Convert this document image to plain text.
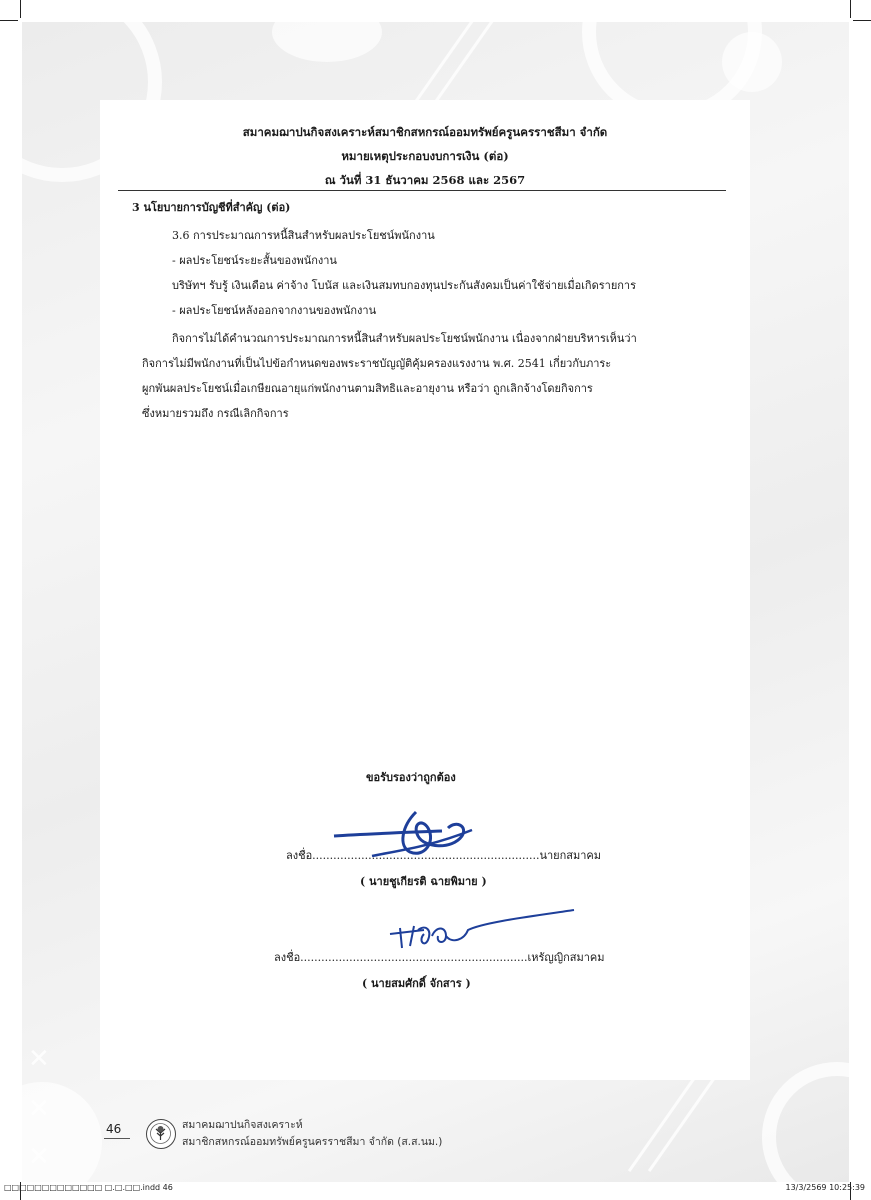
✕
✕
✕
สมาคมฌาปนกิจสงเคราะห์สมาชิกสหกรณ์ออมทรัพย์ครูนครราชสีมา จำกัด
หมายเหตุประกอบงบการเงิน (ต่อ)
ณ วันที่ 31 ธันวาคม 2568 และ 2567
3 นโยบายการบัญชีที่สำคัญ (ต่อ)
3.6 การประมาณการหนี้สินสำหรับผลประโยชน์พนักงาน
- ผลประโยชน์ระยะสั้นของพนักงาน
บริษัทฯ รับรู้ เงินเดือน ค่าจ้าง โบนัส และเงินสมทบกองทุนประกันสังคมเป็นค่าใช้จ่ายเมื่อเกิดรายการ
- ผลประโยชน์หลังออกจากงานของพนักงาน
กิจการไม่ได้คำนวณการประมาณการหนี้สินสำหรับผลประโยชน์พนักงาน เนื่องจากฝ่ายบริหารเห็นว่า
กิจการไม่มีพนักงานที่เป็นไปข้อกำหนดของพระราชบัญญัติคุ้มครองแรงงาน พ.ศ. 2541 เกี่ยวกับภาระ
ผูกพันผลประโยชน์เมื่อเกษียณอายุแก่พนักงานตามสิทธิและอายุงาน หรือว่า ถูกเลิกจ้างโดยกิจการ
ซึ่งหมายรวมถึง กรณีเลิกกิจการ
ขอรับรองว่าถูกต้อง
ลงชื่อ.................................................................นายกสมาคม
( นายชูเกียรติ ฉายพิมาย )
ลงชื่อ.................................................................เหรัญญิกสมาคม
( นายสมศักดิ์ จักสาร )
46	สมาคมฌาปนกิจสงเคราะห์
สมาชิกสหกรณ์ออมทรัพย์ครูนครราชสีมา จำกัด (ส.ส.นม.)
□□□□□□□□□□□□□ □.□.□□.indd 46	13/3/2569 10:25:39
